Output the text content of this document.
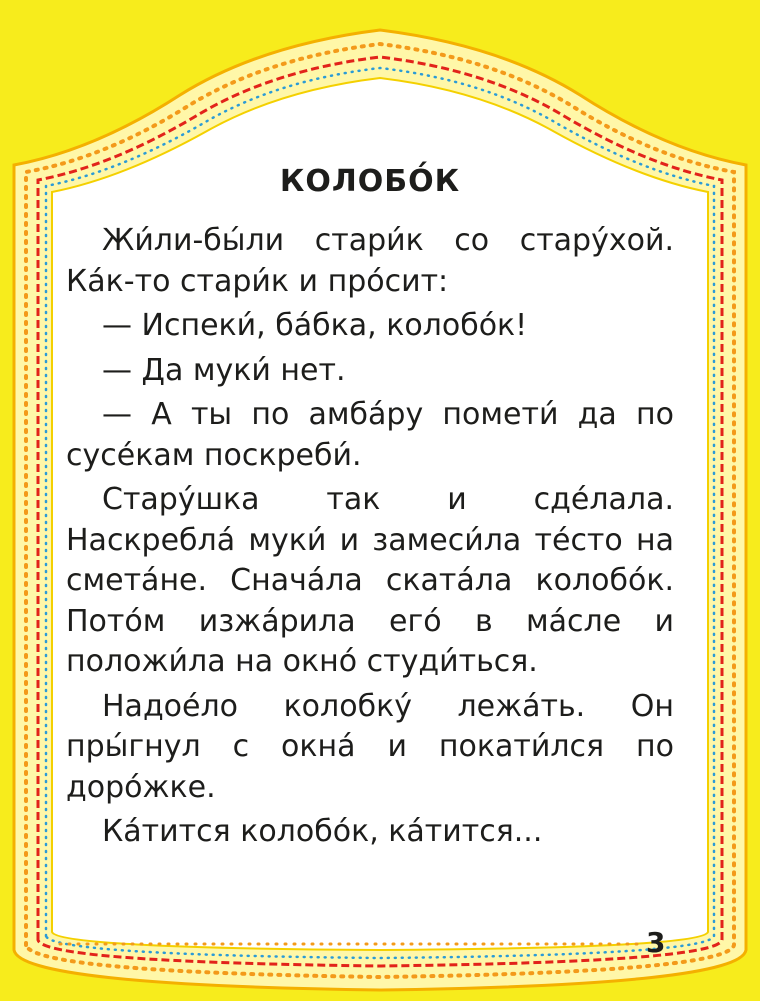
КОЛОБО́К

Жи́ли-бы́ли стари́к со стару́хой. Ка́к-то стари́к и про́сит:

— Испеки́, ба́бка, колобо́к!

— Да муки́ нет.

— А ты по амба́ру помети́ да по сусе́кам поскреби́.

Стару́шка так и сде́лала. Наскребла́ муки́ и замеси́ла те́сто на смета́не. Снача́ла ската́ла колобо́к. Пото́м изжа́рила его́ в ма́сле и положи́ла на окно́ студи́ться.

Надое́ло колобку́ лежа́ть. Он пры́гнул с окна́ и покати́лся по доро́жке.

Ка́тится колобо́к, ка́тится...

3
